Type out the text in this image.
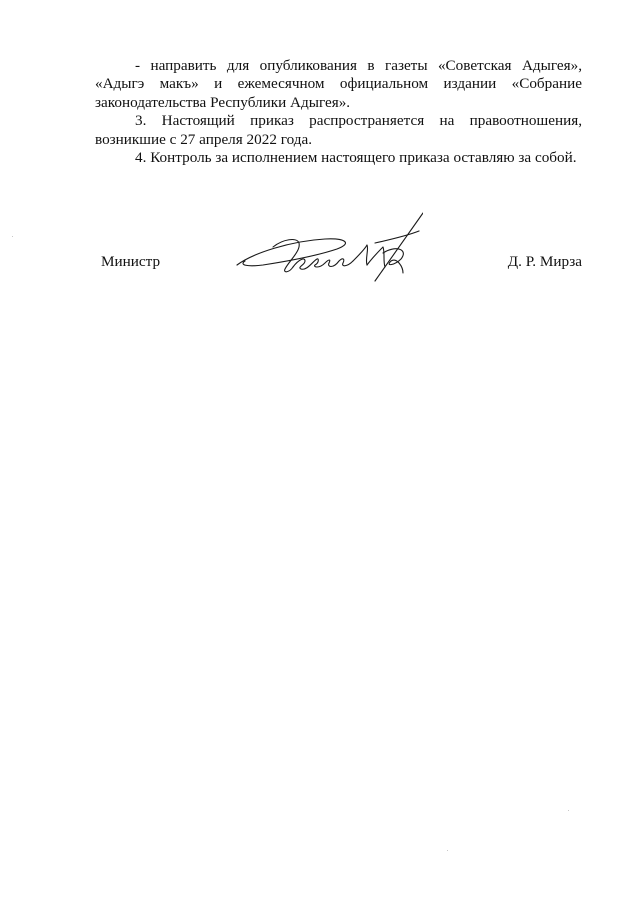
- направить для опубликования в газеты «Советская Адыгея», «Адыгэ макъ» и ежемесячном официальном издании «Собрание законодательства Республики Адыгея».

3. Настоящий приказ распространяется на правоотношения, возникшие с 27 апреля 2022 года.

4. Контроль за исполнением настоящего приказа оставляю за собой.

Министр	Д. Р. Мирза
